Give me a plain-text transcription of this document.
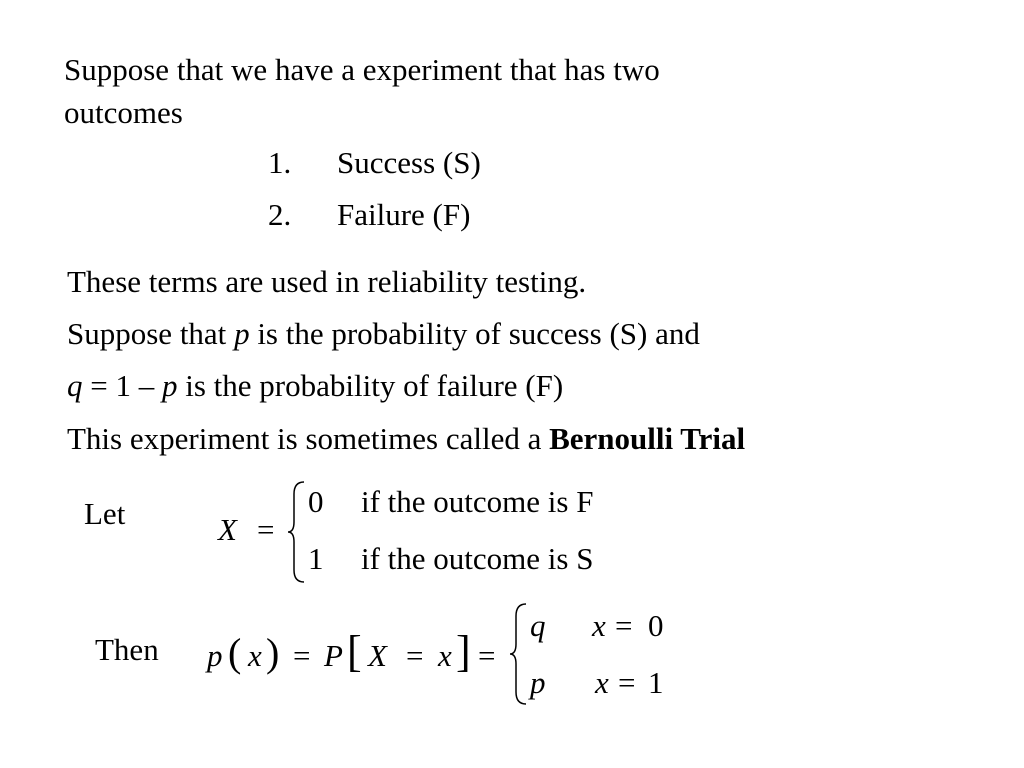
Suppose that we have a experiment that has two
outcomes
1. Success (S)
2. Failure (F)
These terms are used in reliability testing.
Suppose that p is the probability of success (S) and
q = 1 – p is the probability of failure (F)
This experiment is sometimes called a Bernoulli Trial
Let	X =
0 if the outcome is F
1 if the outcome is S
Then p ( x ) = P [ X = x ] =
q x = 0
p x = 1
